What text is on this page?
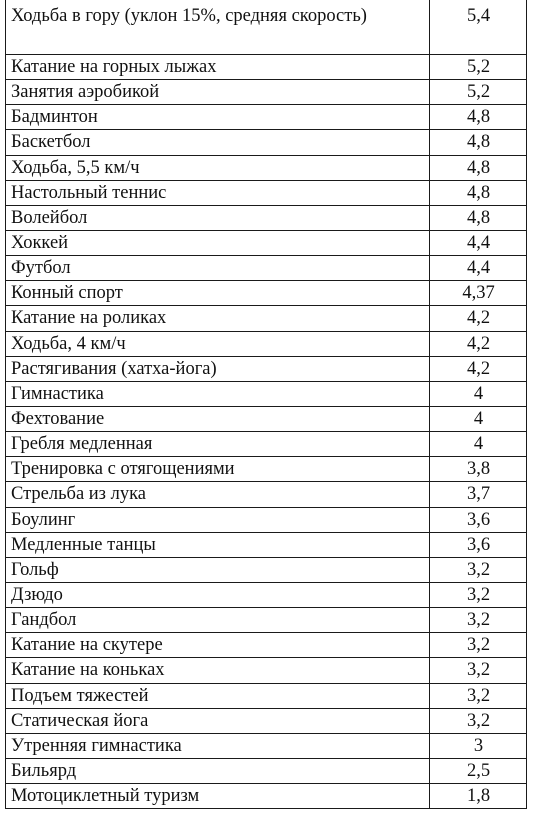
Ходьба в гору (уклон 15%, средняя скорость)	5,4
Катание на горных лыжах	5,2
Занятия аэробикой	5,2
Бадминтон	4,8
Баскетбол	4,8
Ходьба, 5,5 км/ч	4,8
Настольный теннис	4,8
Волейбол	4,8
Хоккей	4,4
Футбол	4,4
Конный спорт	4,37
Катание на роликах	4,2
Ходьба, 4 км/ч	4,2
Растягивания (хатха-йога)	4,2
Гимнастика	4
Фехтование	4
Гребля медленная	4
Тренировка с отягощениями	3,8
Стрельба из лука	3,7
Боулинг	3,6
Медленные танцы	3,6
Гольф	3,2
Дзюдо	3,2
Гандбол	3,2
Катание на скутере	3,2
Катание на коньках	3,2
Подъем тяжестей	3,2
Статическая йога	3,2
Утренняя гимнастика	3
Бильярд	2,5
Мотоциклетный туризм	1,8
